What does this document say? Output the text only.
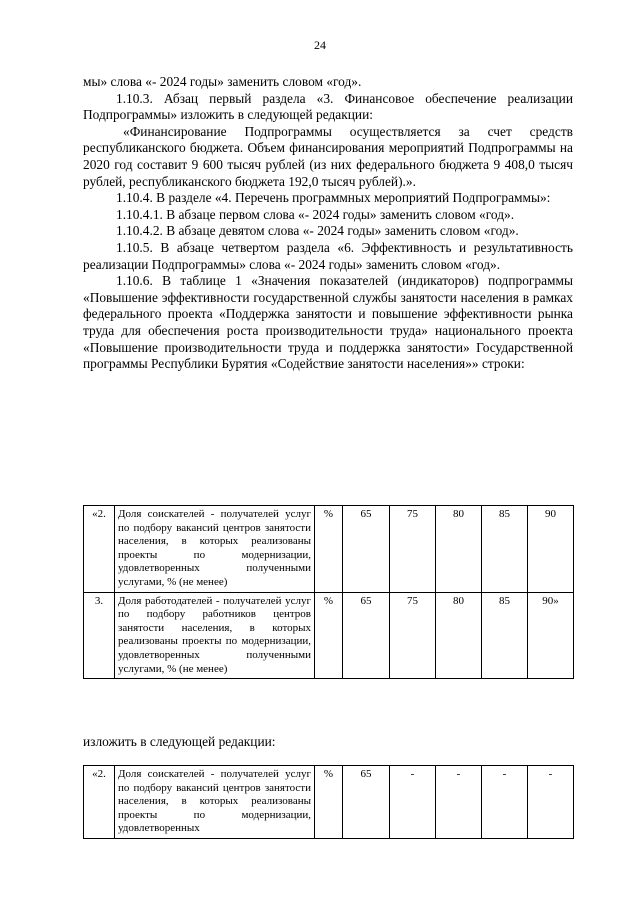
24

мы» слова «- 2024 годы» заменить словом «год».

1.10.3. Абзац первый раздела «3. Финансовое обеспечение реализации Подпрограммы» изложить в следующей редакции:

«Финансирование Подпрограммы осуществляется за счет средств республиканского бюджета. Объем финансирования мероприятий Подпрограммы на 2020 год составит 9 600 тысяч рублей (из них федерального бюджета 9 408,0 тысяч рублей, республиканского бюджета 192,0 тысяч рублей).».

1.10.4. В разделе «4. Перечень программных мероприятий Подпрограммы»:

1.10.4.1. В абзаце первом слова «- 2024 годы» заменить словом «год».

1.10.4.2. В абзаце девятом слова «- 2024 годы» заменить словом «год».

1.10.5. В абзаце четвертом раздела «6. Эффективность и результативность реализации Подпрограммы» слова «- 2024 годы» заменить словом «год».

1.10.6. В таблице 1 «Значения показателей (индикаторов) подпрограммы «Повышение эффективности государственной службы занятости населения в рамках федерального проекта «Поддержка занятости и повышение эффективности рынка труда для обеспечения роста производительности труда» национального проекта «Повышение производительности труда и поддержка занятости» Государственной программы Республики Бурятия «Содействие занятости населения»» строки:

«2.	Доля соискателей - получателей услуг по подбору вакансий центров занятости населения, в которых реализованы проекты по модернизации, удовлетворенных полученными услугами, % (не менее)	%	65	75	80	85	90
3.	Доля работодателей - получателей услуг по подбору работников центров занятости населения, в которых реализованы проекты по модернизации, удовлетворенных полученными услугами, % (не менее)	%	65	75	80	85	90»
изложить в следующей редакции:
«2.	Доля соискателей - получателей услуг по подбору вакансий центров занятости населения, в которых реализованы проекты по модернизации, удовлетворенных	%	65	-	-	-	-
